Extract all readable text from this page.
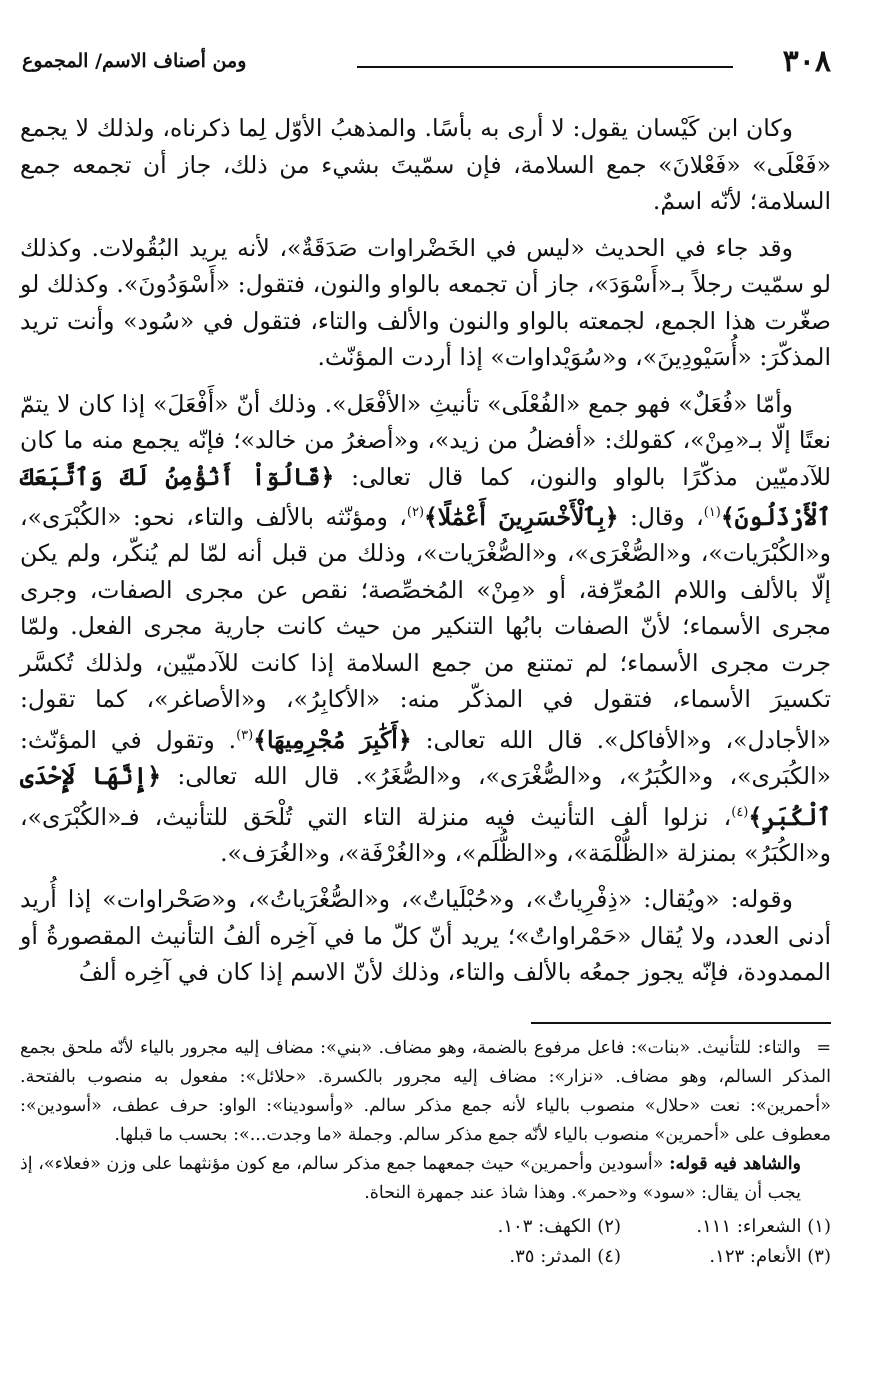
٣٠٨
ومن أصناف الاسم/ المجموع

وكان ابن كَيْسان يقول: لا أرى به بأسًا. والمذهبُ الأوّل لِما ذكرناه، ولذلك لا يجمع «فَعْلَى» «فَعْلانَ» جمع السلامة، فإن سمّيتَ بشيء من ذلك، جاز أن تجمعه جمع السلامة؛ لأنّه اسمٌ.

وقد جاء في الحديث «ليس في الخَضْراوات صَدَقَةٌ»، لأنه يريد البُقُولات. وكذلك لو سمّيت رجلاً بـ«أَسْوَدَ»، جاز أن تجمعه بالواو والنون، فتقول: «أَسْوَدُونَ». وكذلك لو صغّرت هذا الجمع، لجمعته بالواو والنون والألف والتاء، فتقول في «سُود» وأنت تريد المذكّرَ: «أُسَيْودِينَ»، و«سُوَيْداوات» إذا أردت المؤنّث.

وأمّا «فُعَلٌ» فهو جمع «الفُعْلَى» تأنيثِ «الأفْعَل». وذلك أنّ «أَفْعَلَ» إذا كان لا يتمّ نعتًا إلّا بـ«مِنْ»، كقولك: «أفضلُ من زيد»، و«أصغرُ من خالد»؛ فإنّه يجمع منه ما كان للآدميّين مذكّرًا بالواو والنون، كما قال تعالى: ﴿قَالُوٓاْ أَنُؤْمِنُ لَكَ وَٱتَّبَعَكَ ٱلْأَرْذَلُونَ﴾$^{(١)}$، وقال: ﴿بِٱلْأَخْسَرِينَ أَعْمَٰلًا﴾$^{(٢)}$، ومؤنّثه بالألف والتاء، نحو: «الكُبْرَى»، و«الكُبْرَيات»، و«الصُّغْرَى»، و«الصُّغْرَيات»، وذلك من قبل أنه لمّا لم يُنكّر، ولم يكن إلّا بالألف واللام المُعرِّفة، أو «مِنْ» المُخصِّصة؛ نقص عن مجرى الصفات، وجرى مجرى الأسماء؛ لأنّ الصفات بابُها التنكير من حيث كانت جارية مجرى الفعل. ولمّا جرت مجرى الأسماء؛ لم تمتنع من جمع السلامة إذا كانت للآدميّين، ولذلك تُكسَّر تكسيرَ الأسماء، فتقول في المذكّر منه: «الأكابِرُ»، و«الأصاغر»، كما تقول: «الأجادل»، و«الأفاكل». قال الله تعالى: ﴿أَكَٰبِرَ مُجْرِمِيهَا﴾$^{(٣)}$. وتقول في المؤنّث: «الكُبَرى»، و«الكُبَرُ»، و«الصُّغْرَى»، و«الصُّغَرُ». قال الله تعالى: ﴿إِنَّهَا لَإِحْدَى ٱلْكُبَرِ﴾$^{(٤)}$، نزلوا ألف التأنيث فيه منزلة التاء التي تُلْحَق للتأنيث، فـ«الكُبْرَى»، و«الكُبَرُ» بمنزلة «الظُّلْمَة»، و«الظُّلَم»، و«الغُرْفَة»، و«الغُرَف».

وقوله: «ويُقال: «ذِفْرِياتٌ»، و«حُبْلَياتٌ»، و«الصُّغْرَياتُ»، و«صَحْراوات» إذا أُريد أدنى العدد، ولا يُقال «حَمْراواتٌ»؛ يريد أنّ كلّ ما في آخِره ألفُ التأنيث المقصورةُ أو الممدودة، فإنّه يجوز جمعُه بالألف والتاء، وذلك لأنّ الاسم إذا كان في آخِره ألفُ

=والتاء: للتأنيث. «بنات»: فاعل مرفوع بالضمة، وهو مضاف. «بني»: مضاف إليه مجرور بالياء لأنّه ملحق بجمع المذكر السالم، وهو مضاف. «نزار»: مضاف إليه مجرور بالكسرة. «حلائل»: مفعول به منصوب بالفتحة. «أحمرين»: نعت «حلال» منصوب بالياء لأنه جمع مذكر سالم. «وأسودينا»: الواو: حرف عطف، «أسودين»: معطوف على «أحمرين» منصوب بالياء لأنّه جمع مذكر سالم. وجملة «ما وجدت...»: بحسب ما قبلها.

والشاهد فيه قوله: «أسودين وأحمرين» حيث جمعهما جمع مذكر سالم، مع كون مؤنثهما على وزن «فعلاء»، إذ يجب أن يقال: «سود» و«حمر». وهذا شاذ عند جمهرة النحاة.

(١) الشعراء: ١١١.
(٢) الكهف: ١٠٣.
(٣) الأنعام: ١٢٣.
(٤) المدثر: ٣٥.
